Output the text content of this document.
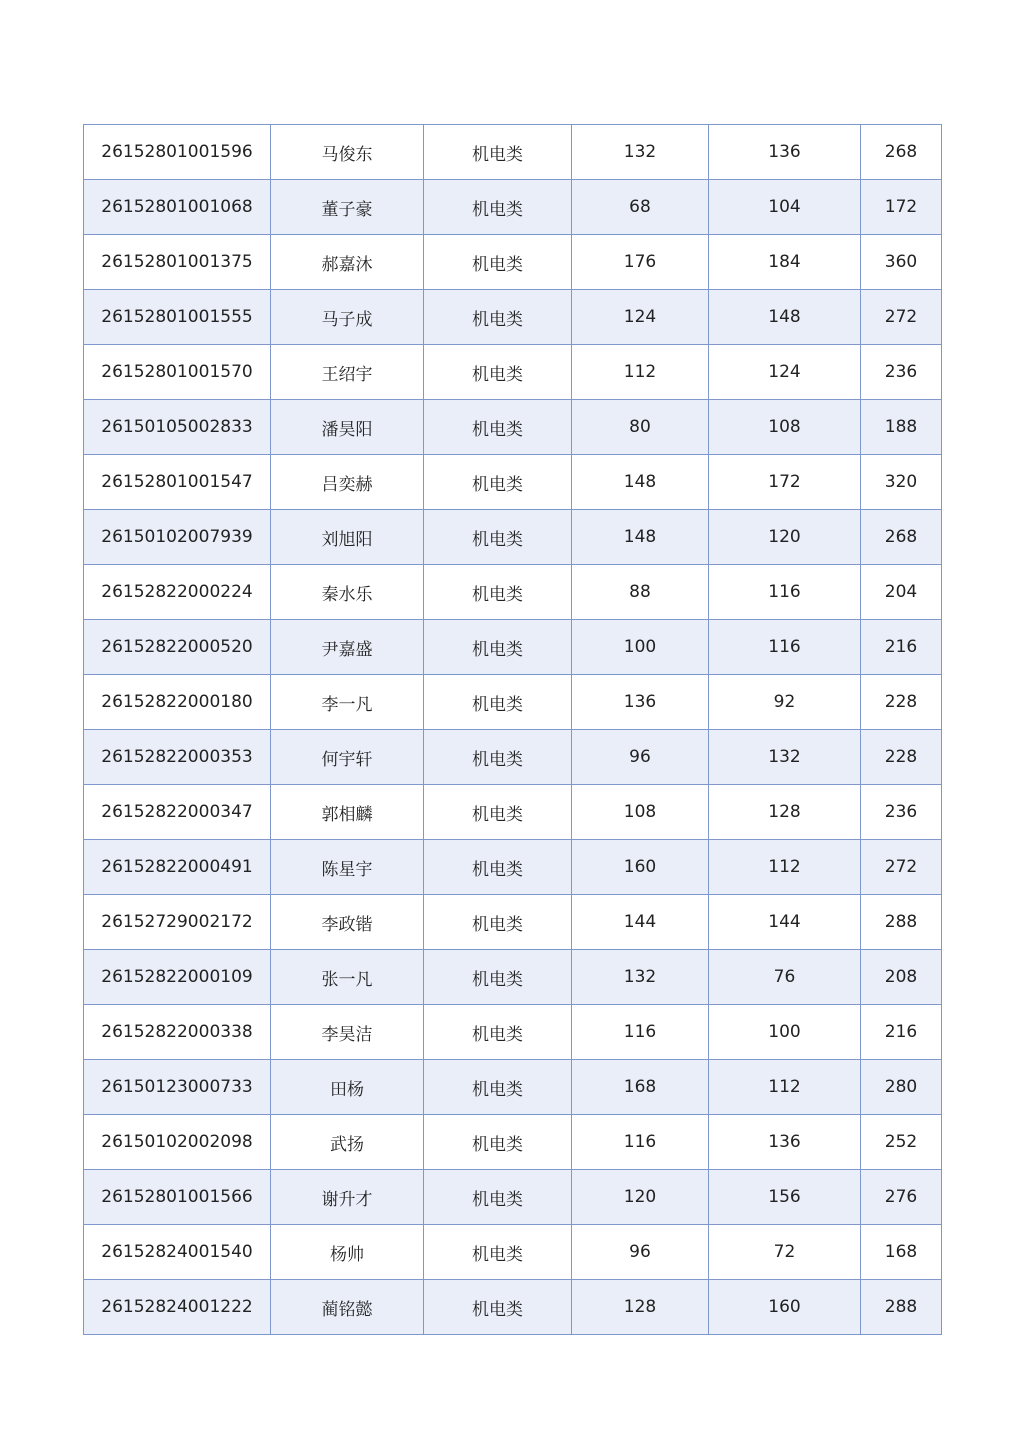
26152801001596	马俊东	机电类	132	136	268
26152801001068	董子豪	机电类	68	104	172
26152801001375	郝嘉沐	机电类	176	184	360
26152801001555	马子成	机电类	124	148	272
26152801001570	王绍宇	机电类	112	124	236
26150105002833	潘昊阳	机电类	80	108	188
26152801001547	吕奕赫	机电类	148	172	320
26150102007939	刘旭阳	机电类	148	120	268
26152822000224	秦水乐	机电类	88	116	204
26152822000520	尹嘉盛	机电类	100	116	216
26152822000180	李一凡	机电类	136	92	228
26152822000353	何宇轩	机电类	96	132	228
26152822000347	郭相麟	机电类	108	128	236
26152822000491	陈星宇	机电类	160	112	272
26152729002172	李政锴	机电类	144	144	288
26152822000109	张一凡	机电类	132	76	208
26152822000338	李昊洁	机电类	116	100	216
26150123000733	田杨	机电类	168	112	280
26150102002098	武扬	机电类	116	136	252
26152801001566	谢升才	机电类	120	156	276
26152824001540	杨帅	机电类	96	72	168
26152824001222	蔺铭懿	机电类	128	160	288
